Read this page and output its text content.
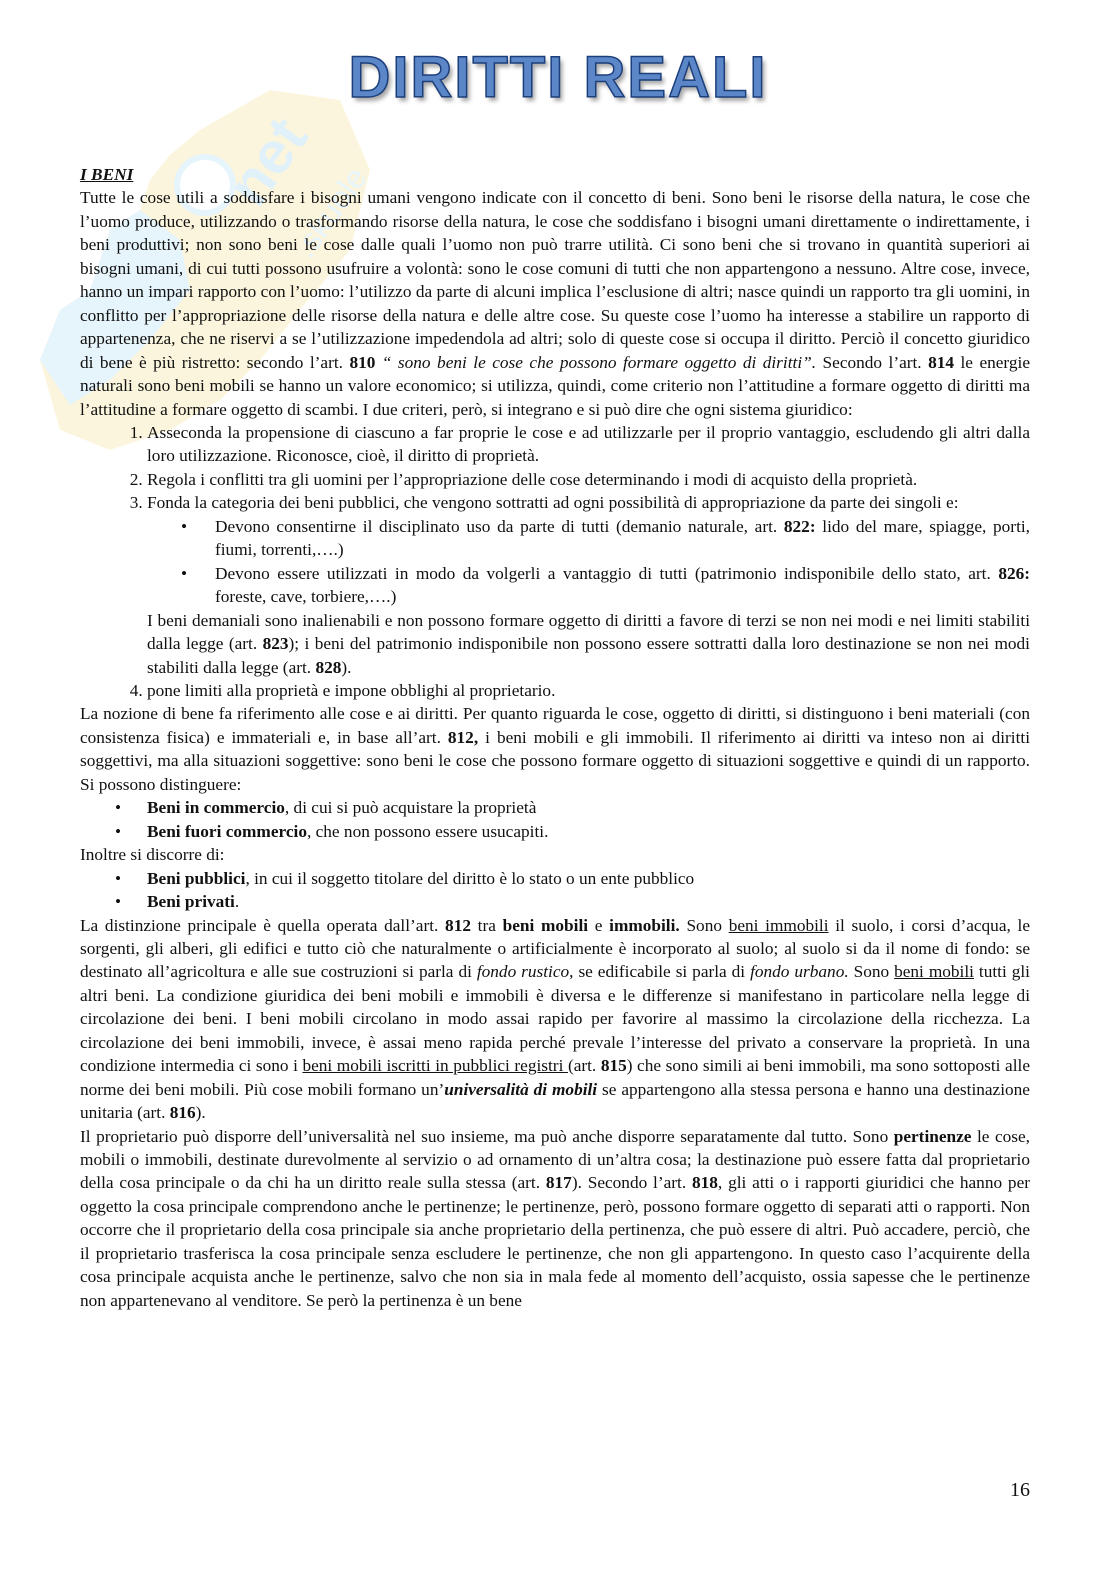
net
.skuole
DIRITTI REALI

I BENI

Tutte le cose utili a soddisfare i bisogni umani vengono indicate con il concetto di beni. Sono beni le risorse della natura, le cose che l’uomo produce, utilizzando o trasformando risorse della natura, le cose che soddisfano i bisogni umani direttamente o indirettamente, i beni produttivi; non sono beni le cose dalle quali l’uomo non può trarre utilità. Ci sono beni che si trovano in quantità superiori ai bisogni umani, di cui tutti possono usufruire a volontà: sono le cose comuni di tutti che non appartengono a nessuno. Altre cose, invece, hanno un impari rapporto con l’uomo: l’utilizzo da parte di alcuni implica l’esclusione di altri; nasce quindi un rapporto tra gli uomini, in conflitto per l’appropriazione delle risorse della natura e delle altre cose. Su queste cose l’uomo ha interesse a stabilire un rapporto di appartenenza, che ne riservi a se l’utilizzazione impedendola ad altri; solo di queste cose si occupa il diritto. Perciò il concetto giuridico di bene è più ristretto: secondo l’art. 810 “ sono beni le cose che possono formare oggetto di diritti”. Secondo l’art. 814 le energie naturali sono beni mobili se hanno un valore economico; si utilizza, quindi, come criterio non l’attitudine a formare oggetto di diritti ma l’attitudine a formare oggetto di scambi. I due criteri, però, si integrano e si può dire che ogni sistema giuridico:

1. Asseconda la propensione di ciascuno a far proprie le cose e ad utilizzarle per il proprio vantaggio, escludendo gli altri dalla loro utilizzazione. Riconosce, cioè, il diritto di proprietà.
2. Regola i conflitti tra gli uomini per l’appropriazione delle cose determinando i modi di acquisto della proprietà.
3. Fonda la categoria dei beni pubblici, che vengono sottratti ad ogni possibilità di appropriazione da parte dei singoli e:
• Devono consentirne il disciplinato uso da parte di tutti (demanio naturale, art. 822: lido del mare, spiagge, porti, fiumi, torrenti,….)
• Devono essere utilizzati in modo da volgerli a vantaggio di tutti (patrimonio indisponibile dello stato, art. 826: foreste, cave, torbiere,….)

I beni demaniali sono inalienabili e non possono formare oggetto di diritti a favore di terzi se non nei modi e nei limiti stabiliti dalla legge (art. 823); i beni del patrimonio indisponibile non possono essere sottratti dalla loro destinazione se non nei modi stabiliti dalla legge (art. 828).

4. pone limiti alla proprietà e impone obblighi al proprietario.

La nozione di bene fa riferimento alle cose e ai diritti. Per quanto riguarda le cose, oggetto di diritti, si distinguono i beni materiali (con consistenza fisica) e immateriali e, in base all’art. 812, i beni mobili e gli immobili. Il riferimento ai diritti va inteso non ai diritti soggettivi, ma alla situazioni soggettive: sono beni le cose che possono formare oggetto di situazioni soggettive e quindi di un rapporto. Si possono distinguere:

• Beni in commercio, di cui si può acquistare la proprietà
• Beni fuori commercio, che non possono essere usucapiti.

Inoltre si discorre di:

• Beni pubblici, in cui il soggetto titolare del diritto è lo stato o un ente pubblico
• Beni privati.

La distinzione principale è quella operata dall’art. 812 tra beni mobili e immobili. Sono beni immobili il suolo, i corsi d’acqua, le sorgenti, gli alberi, gli edifici e tutto ciò che naturalmente o artificialmente è incorporato al suolo; al suolo si da il nome di fondo: se destinato all’agricoltura e alle sue costruzioni si parla di fondo rustico, se edificabile si parla di fondo urbano. Sono beni mobili tutti gli altri beni. La condizione giuridica dei beni mobili e immobili è diversa e le differenze si manifestano in particolare nella legge di circolazione dei beni. I beni mobili circolano in modo assai rapido per favorire al massimo la circolazione della ricchezza. La circolazione dei beni immobili, invece, è assai meno rapida perché prevale l’interesse del privato a conservare la proprietà. In una condizione intermedia ci sono i beni mobili iscritti in pubblici registri (art. 815) che sono simili ai beni immobili, ma sono sottoposti alle norme dei beni mobili. Più cose mobili formano un’universalità di mobili se appartengono alla stessa persona e hanno una destinazione unitaria (art. 816).

Il proprietario può disporre dell’universalità nel suo insieme, ma può anche disporre separatamente dal tutto. Sono pertinenze le cose, mobili o immobili, destinate durevolmente al servizio o ad ornamento di un’altra cosa; la destinazione può essere fatta dal proprietario della cosa principale o da chi ha un diritto reale sulla stessa (art. 817). Secondo l’art. 818, gli atti o i rapporti giuridici che hanno per oggetto la cosa principale comprendono anche le pertinenze; le pertinenze, però, possono formare oggetto di separati atti o rapporti. Non occorre che il proprietario della cosa principale sia anche proprietario della pertinenza, che può essere di altri. Può accadere, perciò, che il proprietario trasferisca la cosa principale senza escludere le pertinenze, che non gli appartengono. In questo caso l’acquirente della cosa principale acquista anche le pertinenze, salvo che non sia in mala fede al momento dell’acquisto, ossia sapesse che le pertinenze non appartenevano al venditore. Se però la pertinenza è un bene

16
